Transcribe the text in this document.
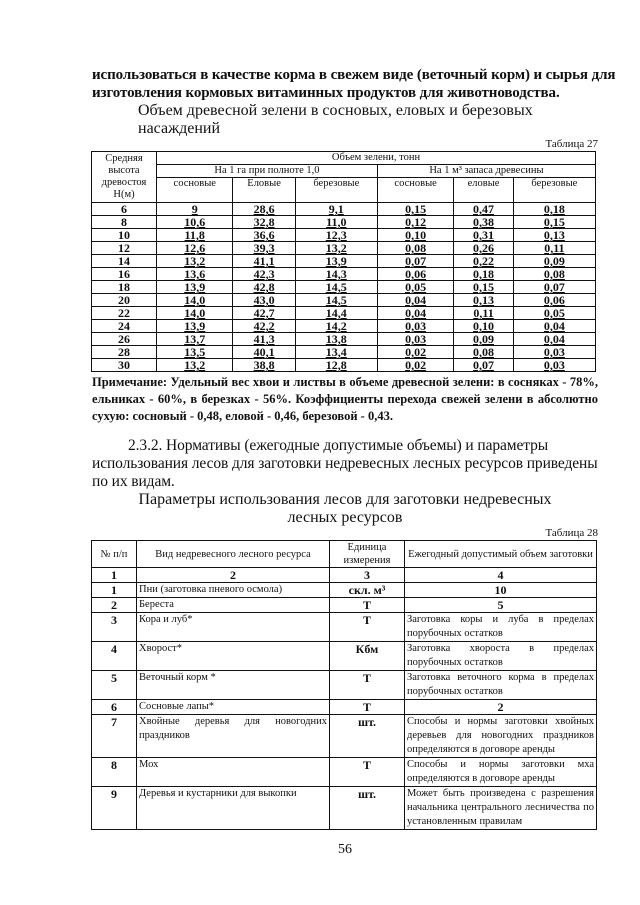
использоваться в качестве корма в свежем виде (веточный корм) и сырья для
изготовления кормовых витаминных продуктов для животноводства.
Объем древесной зелени в сосновых, еловых и березовых насаждений
Таблица 27
Средняя высота древостоя Н(м)	Объем зелени, тонн					
	На 1 га при полноте 1,0			На 1 м³ запаса древесины		
	сосновые	Еловые	березовые	сосновые	еловые	березовые
6	9	28,6	9,1	0,15	0,47	0,18
8	10,6	32,8	11,0	0,12	0,38	0,15
10	11,8	36,6	12,3	0,10	0,31	0,13
12	12,6	39,3	13,2	0,08	0,26	0,11
14	13,2	41,1	13,9	0,07	0,22	0,09
16	13,6	42,3	14,3	0,06	0,18	0,08
18	13,9	42,8	14,5	0,05	0,15	0,07
20	14,0	43,0	14,5	0,04	0,13	0,06
22	14,0	42,7	14,4	0,04	0,11	0,05
24	13,9	42,2	14,2	0,03	0,10	0,04
26	13,7	41,3	13,8	0,03	0,09	0,04
28	13,5	40,1	13,4	0,02	0,08	0,03
30	13,2	38,8	12,8	0,02	0,07	0,03
Примечание: Удельный вес хвои и листвы в объеме древесной зелени: в сосняках - 78%, ельниках - 60%, в березках - 56%. Коэффициенты перехода свежей зелени в абсолютно сухую: сосновый - 0,48, еловой - 0,46, березовой - 0,43.
2.3.2. Нормативы (ежегодные допустимые объемы) и параметры
использования лесов для заготовки недревесных лесных ресурсов приведены
по их видам.
Параметры использования лесов для заготовки недревесных
лесных ресурсов
Таблица 28
№ п/п	Вид недревесного лесного ресурса	Единица измерения	Ежегодный допустимый объем заготовки
1	2	3	4
1	Пни (заготовка пневого осмола)	скл. м³	10
2	Береста	Т	5
3	Кора и луб*	Т	Заготовка коры и луба в пределах порубочных остатков
4	Хворост*	Кбм	Заготовка хвороста в пределах порубочных остатков
5	Веточный корм *	Т	Заготовка веточного корма в пределах порубочных остатков
6	Сосновые лапы*	Т	2
7	Хвойные деревья для новогодних праздников	шт.	Способы и нормы заготовки хвойных деревьев для новогодних праздников определяются в договоре аренды
8	Мох	Т	Способы и нормы заготовки мха определяются в договоре аренды
9	Деревья и кустарники для выкопки	шт.	Может быть произведена с разрешения начальника центрального лесничества по установленным правилам
56
